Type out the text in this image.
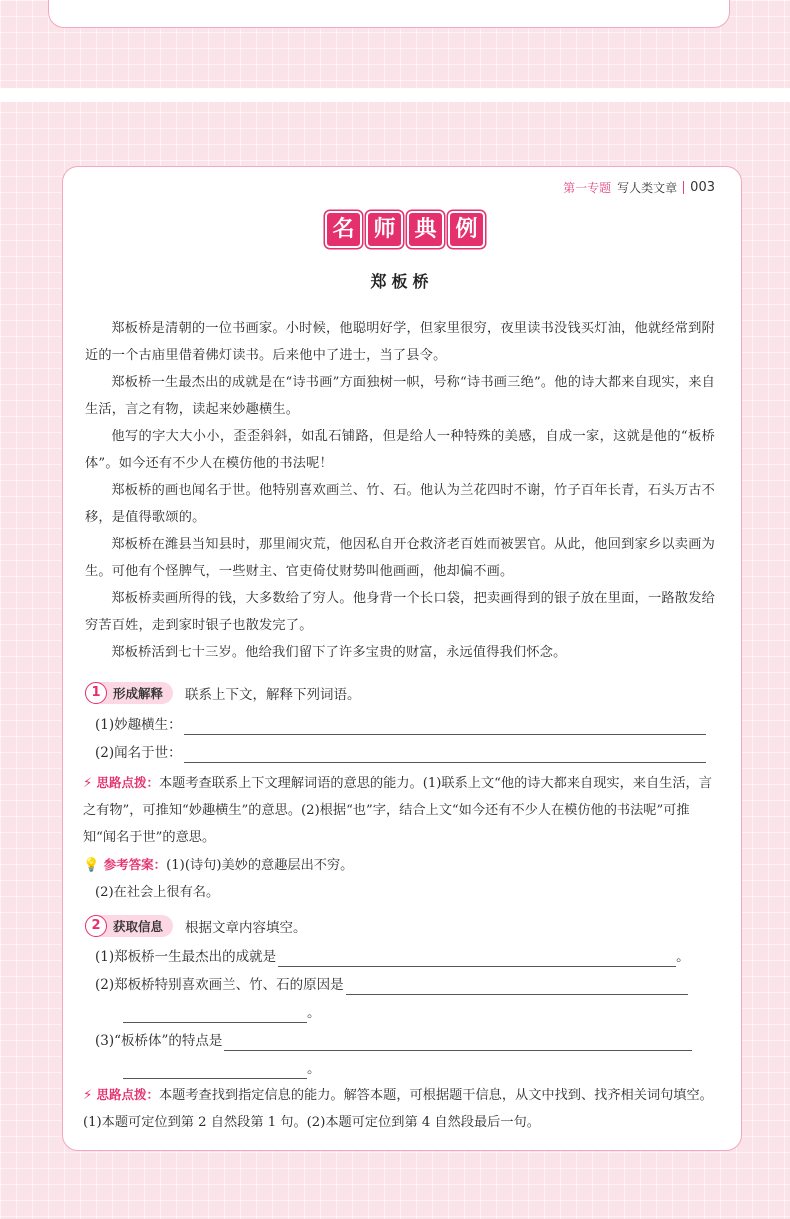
第一专题 写人类文章 003
名 师 典 例
郑板桥

郑板桥是清朝的一位书画家。小时候，他聪明好学，但家里很穷，夜里读书没钱买灯油，他就经常到附近的一个古庙里借着佛灯读书。后来他中了进士，当了县令。

郑板桥一生最杰出的成就是在“诗书画”方面独树一帜，号称“诗书画三绝”。他的诗大都来自现实，来自生活，言之有物，读起来妙趣横生。

他写的字大大小小，歪歪斜斜，如乱石铺路，但是给人一种特殊的美感，自成一家，这就是他的“板桥体”。如今还有不少人在模仿他的书法呢！

郑板桥的画也闻名于世。他特别喜欢画兰、竹、石。他认为兰花四时不谢，竹子百年长青，石头万古不移，是值得歌颂的。

郑板桥在潍县当知县时，那里闹灾荒，他因私自开仓救济老百姓而被罢官。从此，他回到家乡以卖画为生。可他有个怪脾气，一些财主、官吏倚仗财势叫他画画，他却偏不画。

郑板桥卖画所得的钱，大多数给了穷人。他身背一个长口袋，把卖画得到的银子放在里面，一路散发给穷苦百姓，走到家时银子也散发完了。

郑板桥活到七十三岁。他给我们留下了许多宝贵的财富，永远值得我们怀念。

1 形成解释 联系上下文，解释下列词语。
(1)妙趣横生：
(2)闻名于世：
⚡ 思路点拨：本题考查联系上下文理解词语的意思的能力。(1)联系上文“他的诗大都来自现实，来自生活，言之有物”，可推知“妙趣横生”的意思。(2)根据“也”字，结合上文“如今还有不少人在模仿他的书法呢”可推知“闻名于世”的意思。
💡 参考答案：(1)(诗句)美妙的意趣层出不穷。
(2)在社会上很有名。
2 获取信息 根据文章内容填空。
(1)郑板桥一生最杰出的成就是	。
(2)郑板桥特别喜欢画兰、竹、石的原因是
。
(3)“板桥体”的特点是
。
⚡ 思路点拨：本题考查找到指定信息的能力。解答本题，可根据题干信息，从文中找到、找齐相关词句填空。(1)本题可定位到第 2 自然段第 1 句。(2)本题可定位到第 4 自然段最后一句。
